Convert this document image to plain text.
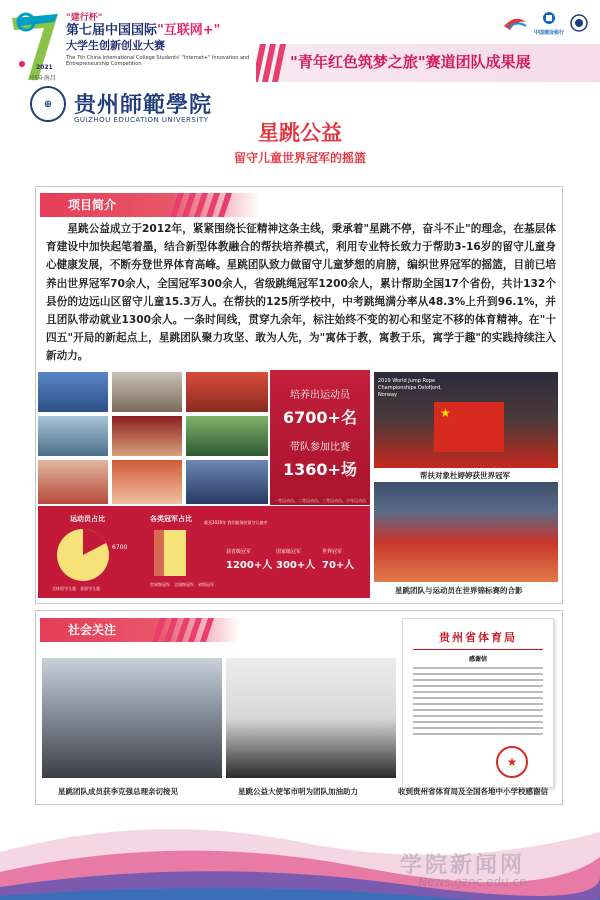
"建行杯"
第七届中国国际"互联网+"
大学生创新创业大赛
The 7th China International College Students' "Internet+" Innovation and Entrepreneurship Competition
2021
中国·南昌
中国建设银行
"青年红色筑梦之旅"赛道团队成果展
⊕ 贵州師範學院
GUIZHOU EDUCATION UNIVERSITY
星跳公益
留守儿童世界冠军的摇篮
项目简介
　　星跳公益成立于2012年，紧紧围绕长征精神这条主线，秉承着"星跳不停，奋斗不止"的理念，在基层体育建设中加快起笔着墨，结合新型体教融合的帮扶培养模式，利用专业特长致力于帮助3-16岁的留守儿童身心健康发展，不断夯登世界体育高峰。星跳团队致力做留守儿童梦想的肩膀，编织世界冠军的摇篮，目前已培养出世界冠军70余人，全国冠军300余人，省级跳绳冠军1200余人，累计帮助全国17个省份，共计132个县份的边远山区留守儿童15.3万人。在帮扶的125所学校中，中考跳绳满分率从48.3%上升到96.1%，并且团队带动就业1300余人。一条时间线，贯穿九余年，标注始终不变的初心和坚定不移的体育精神。在"十四五"开局的新起点上，星跳团队聚力攻坚、敢为人先，为"寓体于教，寓教于乐，寓学于趣"的实践持续注入新动力。
培养出运动员
6700+名
带队参加比赛
1360+场
一等运动员、二等运动员、三等运动员、少年运动员
运动员占比
6700
全体留守儿童　 非留守儿童
各类冠军占比	截至2020年 我们服务的留守儿童中
获省级冠军
1200+人
国家级冠军
300+人
世界冠军
70+人
世界级冠军　 全国级冠军　 省级冠军
2019 World Jump Rope Championships Oslofjord, Norway
★
帮扶对象杜婷婷获世界冠军
星跳团队与运动员在世界锦标赛的合影
社会关注
星跳团队成员获李克强总理亲切接见	星跳公益大使邹市明为团队加油助力
贵州省体育局
感谢信
★
收到贵州省体育局及全国各地中小学校感谢信
学院新闻网
News.gznc.edu.cn
